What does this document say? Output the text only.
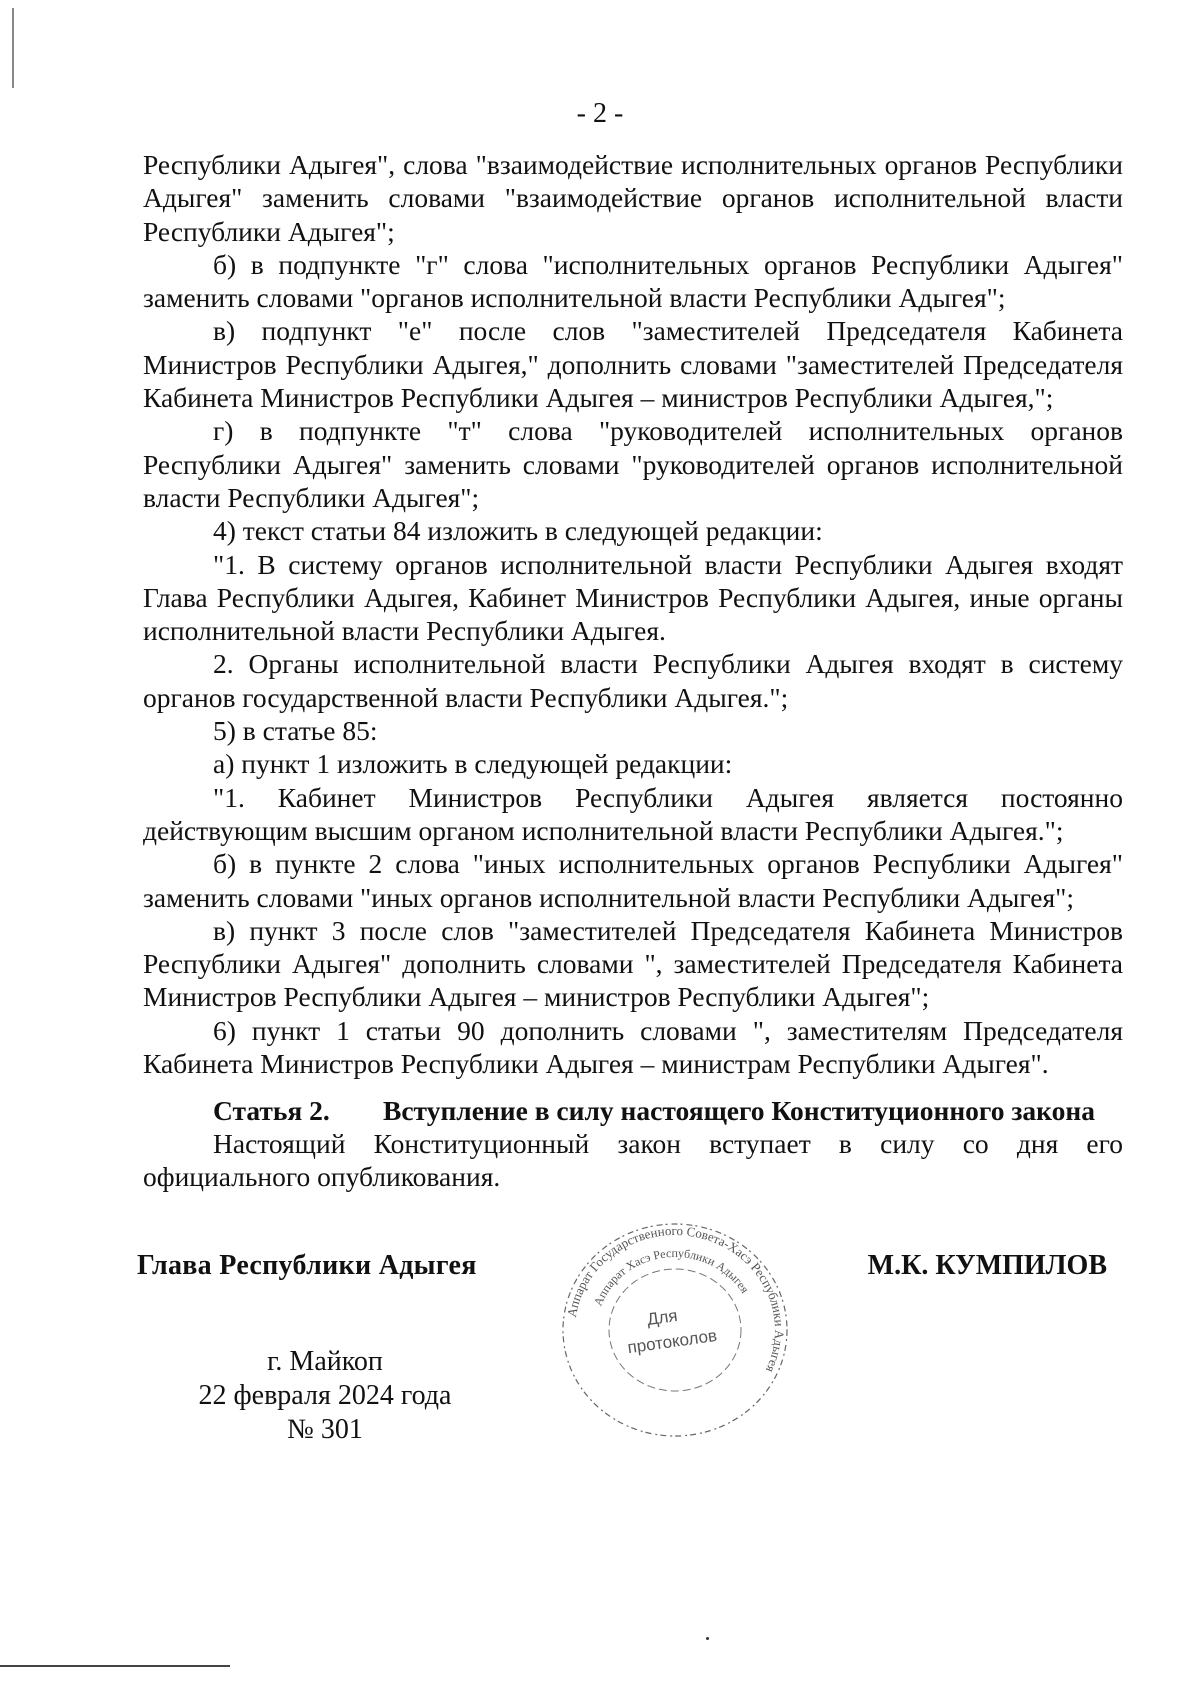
- 2 -

Республики Адыгея", слова "взаимодействие исполнительных органов Республики Адыгея" заменить словами "взаимодействие органов исполнительной власти Республики Адыгея";

б) в подпункте "г" слова "исполнительных органов Республики Адыгея" заменить словами "органов исполнительной власти Республики Адыгея";

в) подпункт "е" после слов "заместителей Председателя Кабинета Министров Республики Адыгея," дополнить словами "заместителей Председателя Кабинета Министров Республики Адыгея – министров Республики Адыгея,";

г) в подпункте "т" слова "руководителей исполнительных органов Республики Адыгея" заменить словами "руководителей органов исполнительной власти Республики Адыгея";

4) текст статьи 84 изложить в следующей редакции:

"1. В систему органов исполнительной власти Республики Адыгея входят Глава Республики Адыгея, Кабинет Министров Республики Адыгея, иные органы исполнительной власти Республики Адыгея.

2. Органы исполнительной власти Республики Адыгея входят в систему органов государственной власти Республики Адыгея.";

5) в статье 85:

а) пункт 1 изложить в следующей редакции:

"1. Кабинет Министров Республики Адыгея является постоянно действующим высшим органом исполнительной власти Республики Адыгея.";

б) в пункте 2 слова "иных исполнительных органов Республики Адыгея" заменить словами "иных органов исполнительной власти Республики Адыгея";

в) пункт 3 после слов "заместителей Председателя Кабинета Министров Республики Адыгея" дополнить словами ", заместителей Председателя Кабинета Министров Республики Адыгея – министров Республики Адыгея";

6) пункт 1 статьи 90 дополнить словами ", заместителям Председателя Кабинета Министров Республики Адыгея – министрам Республики Адыгея".

Статья 2. Вступление в силу настоящего Конституционного закона

Настоящий Конституционный закон вступает в силу со дня его официального опубликования.

Глава Республики Адыгея	М.К. КУМПИЛОВ
г. Майкоп
22 февраля 2024 года
№ 301
Аппарат Государственного Совета-Хасэ Республики Адыгея
Аппарат Хасэ Республики Адыгея
Для
протоколов
